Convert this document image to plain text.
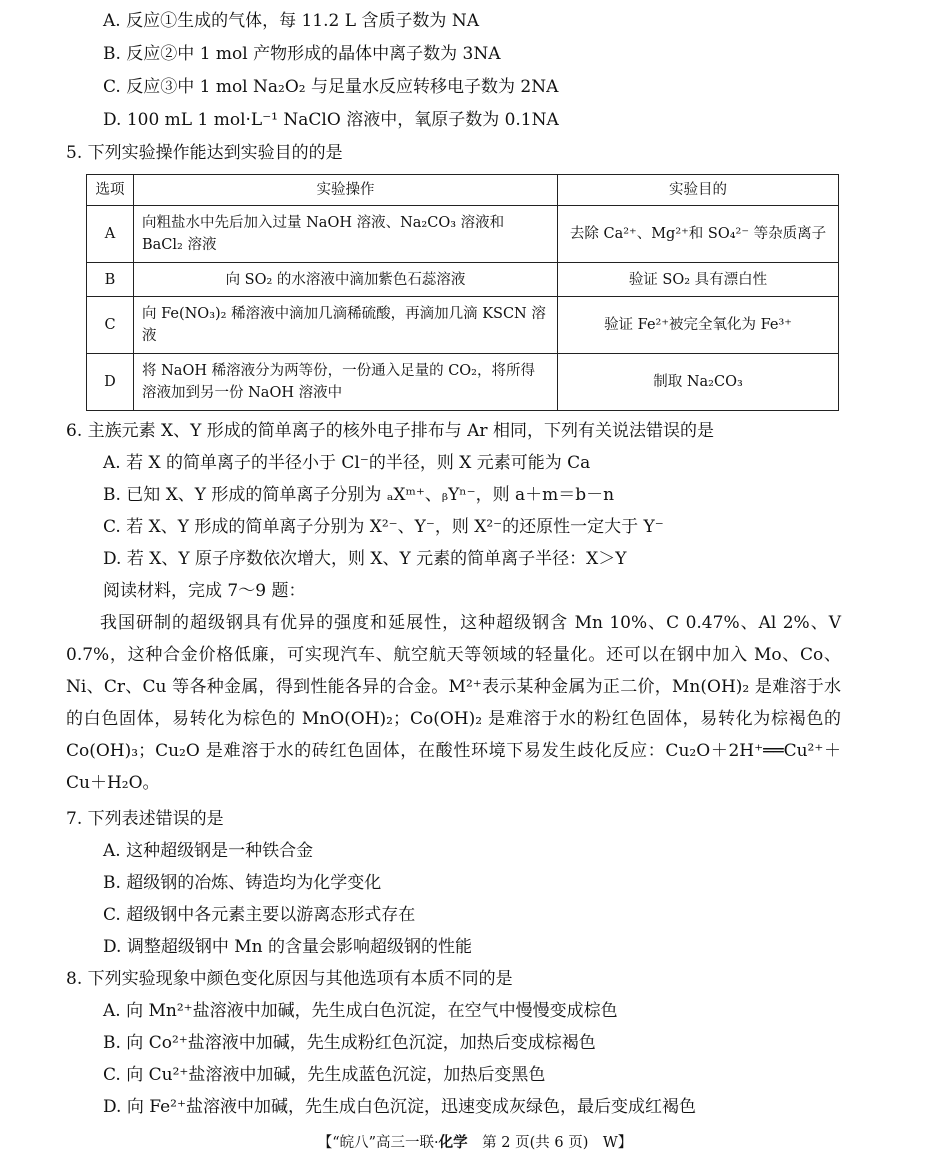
A. 反应①生成的气体，每 11.2 L 含质子数为 NA
B. 反应②中 1 mol 产物形成的晶体中离子数为 3NA
C. 反应③中 1 mol Na₂O₂ 与足量水反应转移电子数为 2NA
D. 100 mL 1 mol·L⁻¹ NaClO 溶液中，氧原子数为 0.1NA
5. 下列实验操作能达到实验目的的是
选项	实验操作	实验目的
A	向粗盐水中先后加入过量 NaOH 溶液、Na₂CO₃ 溶液和 BaCl₂ 溶液	去除 Ca²⁺、Mg²⁺和 SO₄²⁻ 等杂质离子
B	向 SO₂ 的水溶液中滴加紫色石蕊溶液	验证 SO₂ 具有漂白性
C	向 Fe(NO₃)₂ 稀溶液中滴加几滴稀硫酸，再滴加几滴 KSCN 溶液	验证 Fe²⁺被完全氧化为 Fe³⁺
D	将 NaOH 稀溶液分为两等份，一份通入足量的 CO₂，将所得溶液加到另一份 NaOH 溶液中	制取 Na₂CO₃
6. 主族元素 X、Y 形成的简单离子的核外电子排布与 Ar 相同，下列有关说法错误的是
A. 若 X 的简单离子的半径小于 Cl⁻的半径，则 X 元素可能为 Ca
B. 已知 X、Y 形成的简单离子分别为 ₐXᵐ⁺、ᵦYⁿ⁻，则 a＋m＝b－n
C. 若 X、Y 形成的简单离子分别为 X²⁻、Y⁻，则 X²⁻的还原性一定大于 Y⁻
D. 若 X、Y 原子序数依次增大，则 X、Y 元素的简单离子半径：X＞Y
阅读材料，完成 7～9 题：
我国研制的超级钢具有优异的强度和延展性，这种超级钢含 Mn 10%、C 0.47%、Al 2%、V 0.7%，这种合金价格低廉，可实现汽车、航空航天等领域的轻量化。还可以在钢中加入 Mo、Co、Ni、Cr、Cu 等各种金属，得到性能各异的合金。M²⁺表示某种金属为正二价，Mn(OH)₂ 是难溶于水的白色固体，易转化为棕色的 MnO(OH)₂；Co(OH)₂ 是难溶于水的粉红色固体，易转化为棕褐色的 Co(OH)₃；Cu₂O 是难溶于水的砖红色固体，在酸性环境下易发生歧化反应：Cu₂O＋2H⁺══Cu²⁺＋Cu＋H₂O。
7. 下列表述错误的是
A. 这种超级钢是一种铁合金
B. 超级钢的冶炼、铸造均为化学变化
C. 超级钢中各元素主要以游离态形式存在
D. 调整超级钢中 Mn 的含量会影响超级钢的性能
8. 下列实验现象中颜色变化原因与其他选项有本质不同的是
A. 向 Mn²⁺盐溶液中加碱，先生成白色沉淀，在空气中慢慢变成棕色
B. 向 Co²⁺盐溶液中加碱，先生成粉红色沉淀，加热后变成棕褐色
C. 向 Cu²⁺盐溶液中加碱，先生成蓝色沉淀，加热后变黑色
D. 向 Fe²⁺盐溶液中加碱，先生成白色沉淀，迅速变成灰绿色，最后变成红褐色
【“皖八”高三一联·化学　第 2 页(共 6 页)　W】
